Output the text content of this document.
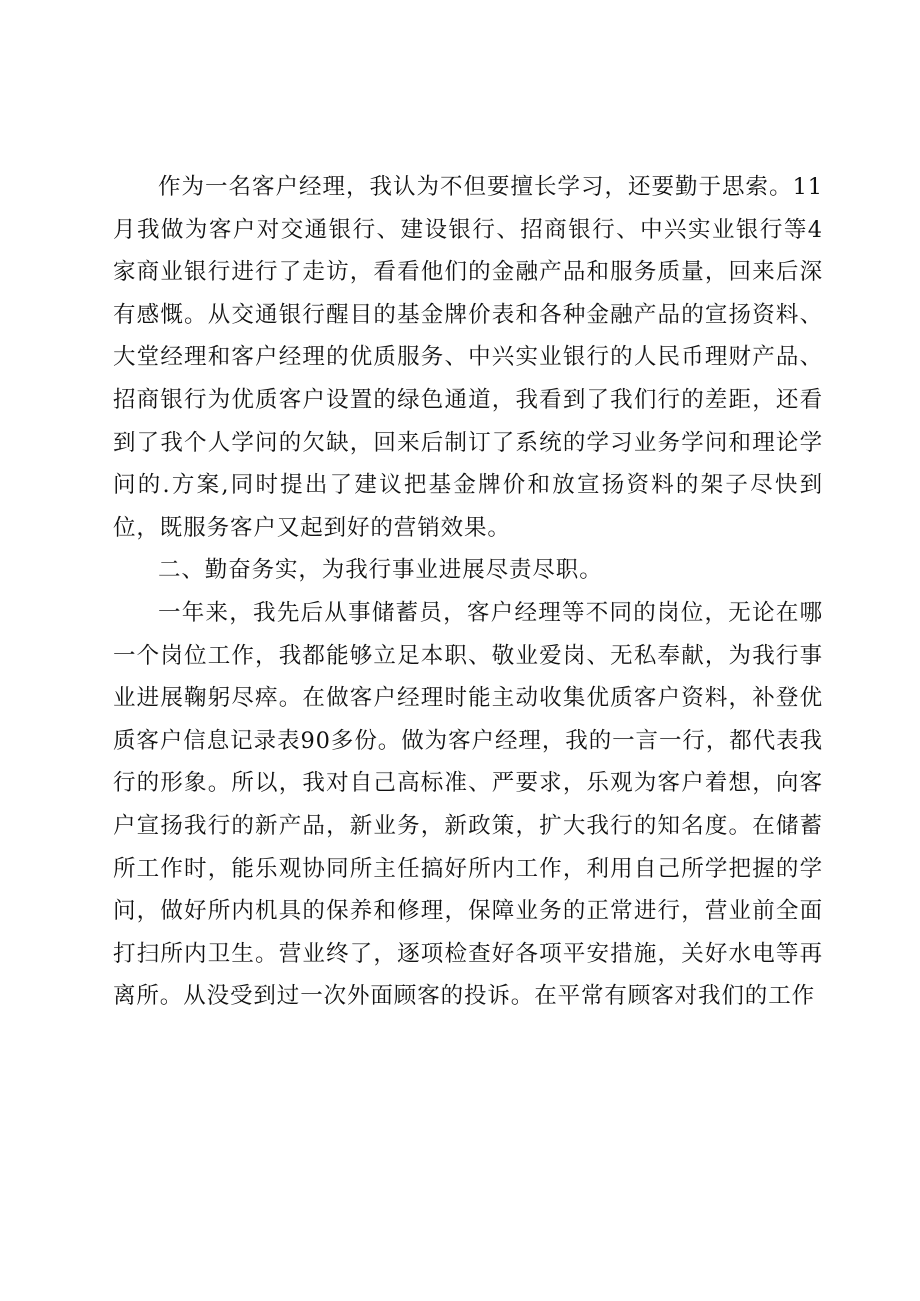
作为一名客户经理，我认为不但要擅长学习，还要勤于思索。11月我做为客户对交通银行、建设银行、招商银行、中兴实业银行等4家商业银行进行了走访，看看他们的金融产品和服务质量，回来后深有感慨。从交通银行醒目的基金牌价表和各种金融产品的宣扬资料、大堂经理和客户经理的优质服务、中兴实业银行的人民币理财产品、招商银行为优质客户设置的绿色通道，我看到了我们行的差距，还看到了我个人学问的欠缺，回来后制订了系统的学习业务学问和理论学问的.方案,同时提出了建议把基金牌价和放宣扬资料的架子尽快到位，既服务客户又起到好的营销效果。

二、勤奋务实，为我行事业进展尽责尽职。

一年来，我先后从事储蓄员，客户经理等不同的岗位，无论在哪一个岗位工作，我都能够立足本职、敬业爱岗、无私奉献，为我行事业进展鞠躬尽瘁。在做客户经理时能主动收集优质客户资料，补登优质客户信息记录表90多份。做为客户经理，我的一言一行，都代表我行的形象。所以，我对自己高标准、严要求，乐观为客户着想，向客户宣扬我行的新产品，新业务，新政策，扩大我行的知名度。在储蓄所工作时，能乐观协同所主任搞好所内工作，利用自己所学把握的学问，做好所内机具的保养和修理，保障业务的正常进行，营业前全面打扫所内卫生。营业终了，逐项检查好各项平安措施，关好水电等再离所。从没受到过一次外面顾客的投诉。在平常有顾客对我们的工作
